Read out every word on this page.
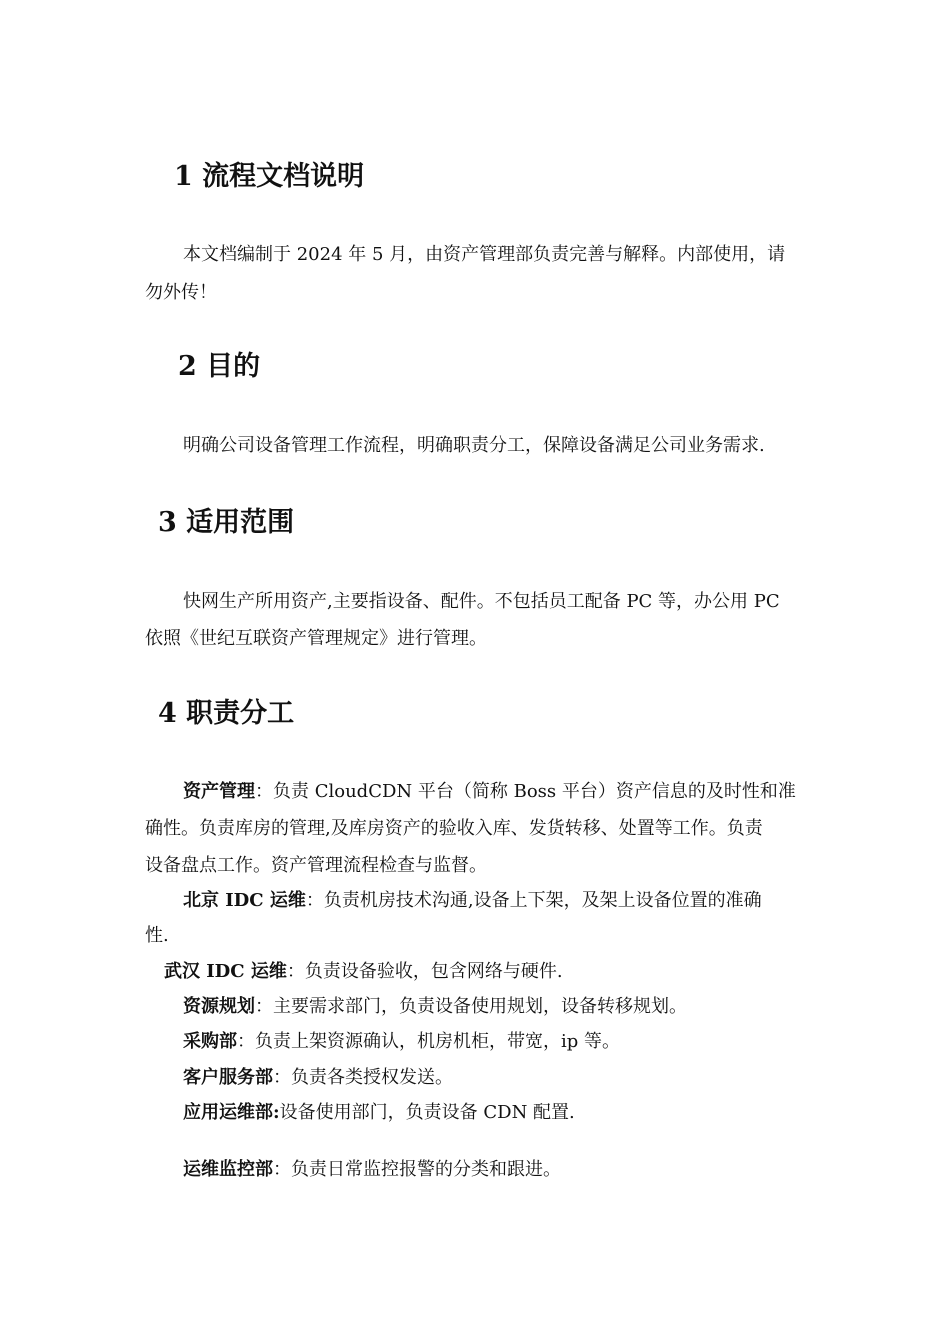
1 流程文档说明
本文档编制于 2024 年 5 月，由资产管理部负责完善与解释。内部使用，请
勿外传！
2 目的
明确公司设备管理工作流程，明确职责分工，保障设备满足公司业务需求.
3 适用范围
快网生产所用资产,主要指设备、配件。不包括员工配备 PC 等，办公用 PC
依照《世纪互联资产管理规定》进行管理。
4 职责分工
资产管理：负责 CloudCDN 平台（简称 Boss 平台）资产信息的及时性和准
确性。负责库房的管理,及库房资产的验收入库、发货转移、处置等工作。负责
设备盘点工作。资产管理流程检查与监督。
北京 IDC 运维：负责机房技术沟通,设备上下架，及架上设备位置的准确
性.
武汉 IDC 运维：负责设备验收，包含网络与硬件.
资源规划：主要需求部门，负责设备使用规划，设备转移规划。
采购部：负责上架资源确认，机房机柜，带宽，ip 等。
客户服务部：负责各类授权发送。
应用运维部:设备使用部门，负责设备 CDN 配置.
运维监控部：负责日常监控报警的分类和跟进。
